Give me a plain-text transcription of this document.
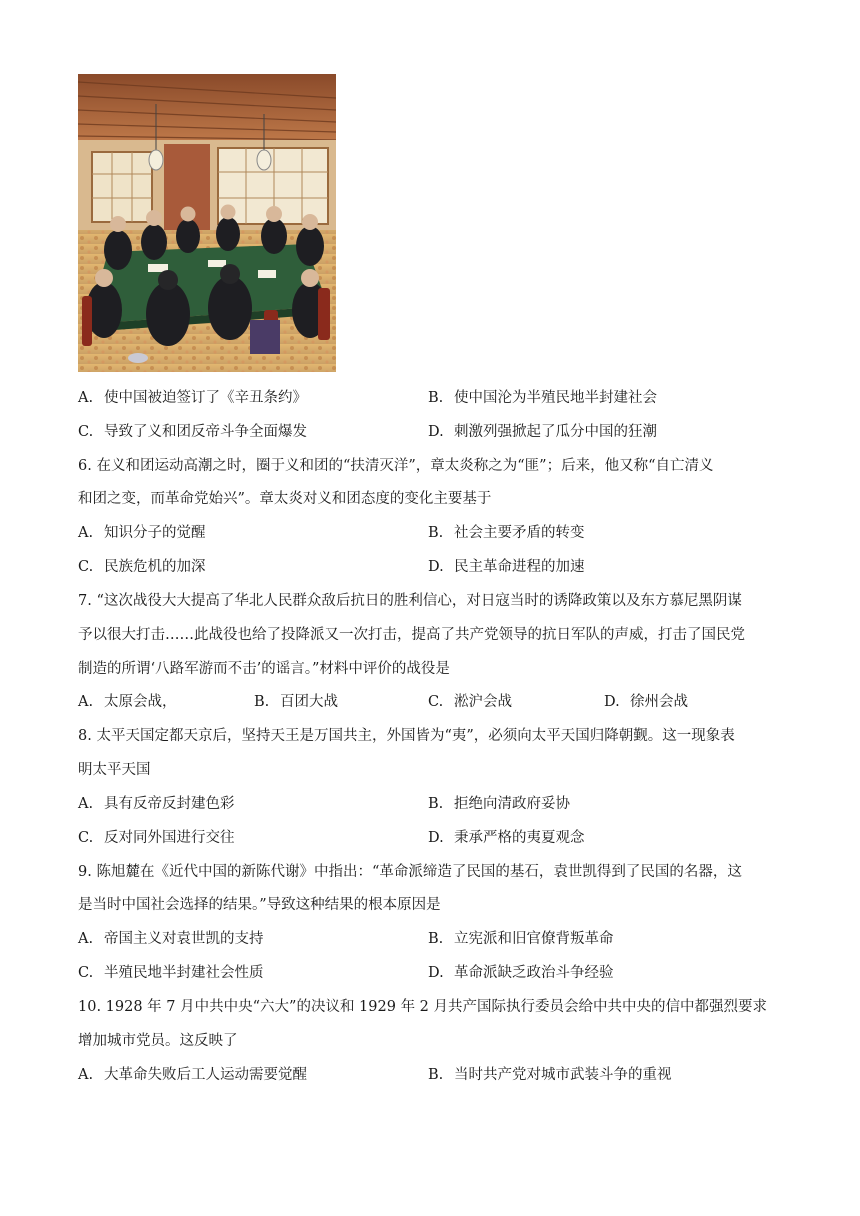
A. 使中国被迫签订了《辛丑条约》	B. 使中国沦为半殖民地半封建社会
C. 导致了义和团反帝斗争全面爆发	D. 刺激列强掀起了瓜分中国的狂潮
6. 在义和团运动高潮之时，圈于义和团的“扶清灭洋”，章太炎称之为“匪”；后来，他又称“自亡清义
和团之变，而革命党始兴”。章太炎对义和团态度的变化主要基于
A. 知识分子的觉醒	B. 社会主要矛盾的转变
C. 民族危机的加深	D. 民主革命进程的加速
7. “这次战役大大提高了华北人民群众敌后抗日的胜利信心，对日寇当时的诱降政策以及东方慕尼黑阴谋
予以很大打击……此战役也给了投降派又一次打击，提高了共产党领导的抗日军队的声威，打击了国民党
制造的所谓‘八路军游而不击’的谣言。”材料中评价的战役是
A. 太原会战，	B. 百团大战	C. 淞沪会战	D. 徐州会战
8. 太平天国定都天京后，坚持天王是万国共主，外国皆为“夷”，必须向太平天国归降朝觐。这一现象表
明太平天国
A. 具有反帝反封建色彩	B. 拒绝向清政府妥协
C. 反对同外国进行交往	D. 秉承严格的夷夏观念
9. 陈旭麓在《近代中国的新陈代谢》中指出：“革命派缔造了民国的基石，袁世凯得到了民国的名器，这
是当时中国社会选择的结果。”导致这种结果的根本原因是
A. 帝国主义对袁世凯的支持	B. 立宪派和旧官僚背叛革命
C. 半殖民地半封建社会性质	D. 革命派缺乏政治斗争经验
10. 1928 年 7 月中共中央“六大”的决议和 1929 年 2 月共产国际执行委员会给中共中央的信中都强烈要求
增加城市党员。这反映了
A. 大革命失败后工人运动需要觉醒	B. 当时共产党对城市武装斗争的重视
